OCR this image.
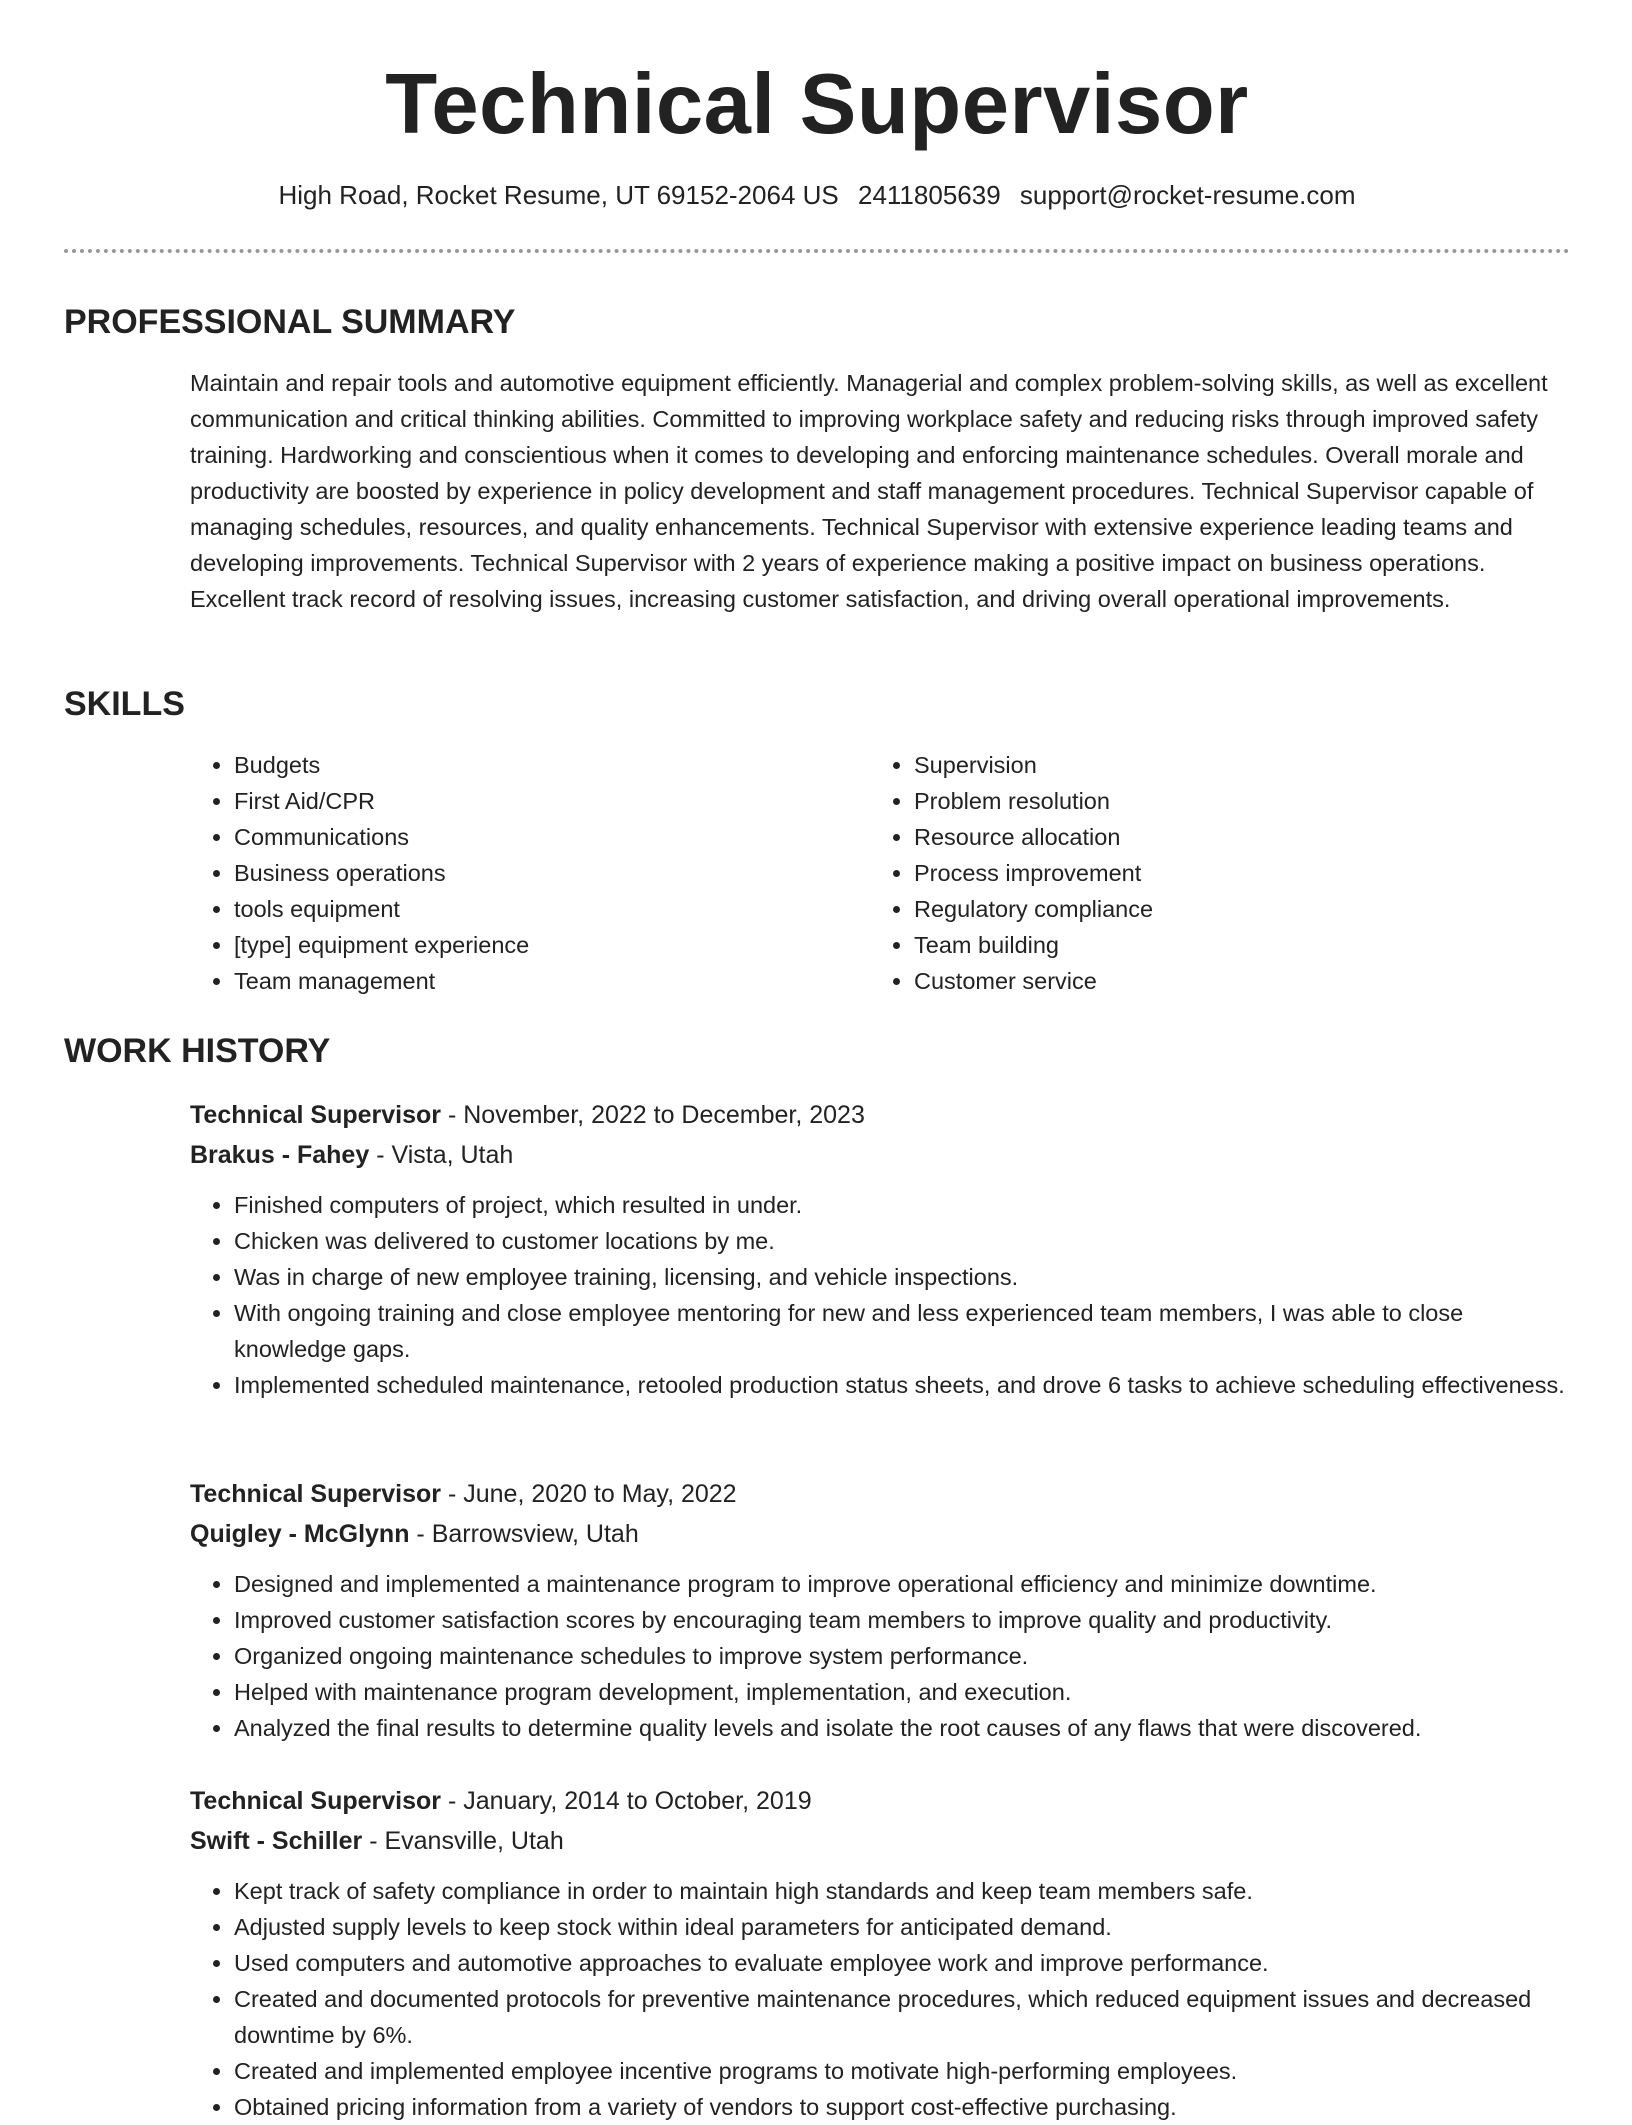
Technical Supervisor
High Road, Rocket Resume, UT 69152-2064 US 2411805639 support@rocket-resume.com
PROFESSIONAL SUMMARY

Maintain and repair tools and automotive equipment efficiently. Managerial and complex problem-solving skills, as well as excellent communication and critical thinking abilities. Committed to improving workplace safety and reducing risks through improved safety training. Hardworking and conscientious when it comes to developing and enforcing maintenance schedules. Overall morale and productivity are boosted by experience in policy development and staff management procedures. Technical Supervisor capable of managing schedules, resources, and quality enhancements. Technical Supervisor with extensive experience leading teams and developing improvements. Technical Supervisor with 2 years of experience making a positive impact on business operations. Excellent track record of resolving issues, increasing customer satisfaction, and driving overall operational improvements.

SKILLS
• Budgets
• First Aid/CPR
• Communications
• Business operations
• tools equipment
• [type] equipment experience
• Team management
• Supervision
• Problem resolution
• Resource allocation
• Process improvement
• Regulatory compliance
• Team building
• Customer service
WORK HISTORY

Technical Supervisor - November, 2022 to December, 2023

Brakus - Fahey - Vista, Utah

• Finished computers of project, which resulted in under.
• Chicken was delivered to customer locations by me.
• Was in charge of new employee training, licensing, and vehicle inspections.
• With ongoing training and close employee mentoring for new and less experienced team members, I was able to close knowledge gaps.
• Implemented scheduled maintenance, retooled production status sheets, and drove 6 tasks to achieve scheduling effectiveness.

Technical Supervisor - June, 2020 to May, 2022

Quigley - McGlynn - Barrowsview, Utah

• Designed and implemented a maintenance program to improve operational efficiency and minimize downtime.
• Improved customer satisfaction scores by encouraging team members to improve quality and productivity.
• Organized ongoing maintenance schedules to improve system performance.
• Helped with maintenance program development, implementation, and execution.
• Analyzed the final results to determine quality levels and isolate the root causes of any flaws that were discovered.

Technical Supervisor - January, 2014 to October, 2019

Swift - Schiller - Evansville, Utah

• Kept track of safety compliance in order to maintain high standards and keep team members safe.
• Adjusted supply levels to keep stock within ideal parameters for anticipated demand.
• Used computers and automotive approaches to evaluate employee work and improve performance.
• Created and documented protocols for preventive maintenance procedures, which reduced equipment issues and decreased downtime by 6%.
• Created and implemented employee incentive programs to motivate high-performing employees.
• Obtained pricing information from a variety of vendors to support cost-effective purchasing.
